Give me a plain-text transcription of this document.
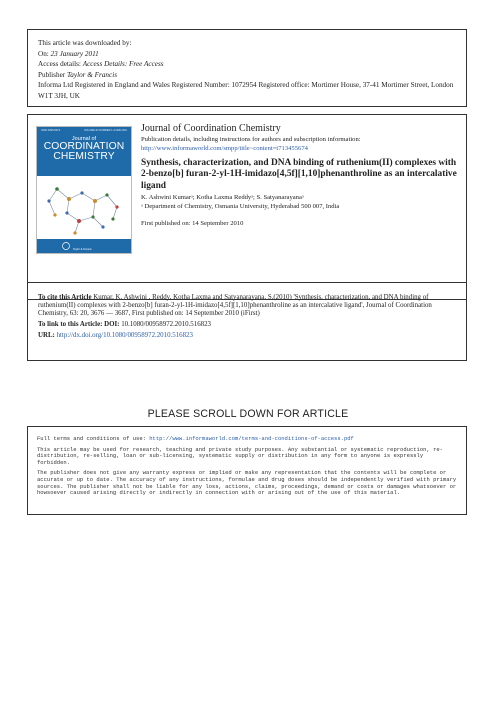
This article was downloaded by:
On: 23 January 2011
Access details: Access Details: Free Access
Publisher Taylor & Francis
Informa Ltd Registered in England and Wales Registered Number: 1072954 Registered office: Mortimer House, 37-41 Mortimer Street, London W1T 3JH, UK
ISSN 0095-8972	VOLUME 64 NUMBER 1-3 FEB 2011
Journal of
COORDINATION
CHEMISTRY
Taylor & Francis
Journal of Coordination Chemistry
Publication details, including instructions for authors and subscription information:
http://www.informaworld.com/smpp/title~content=t713455674
Synthesis, characterization, and DNA binding of ruthenium(II) complexes with 2-benzo[b] furan-2-yl-1H-imidazo[4,5f][1,10]phenanthroline as an intercalative ligand
K. Ashwini Kumarᵃ; Kotha Laxma Reddyᵃ; S. Satyanarayanaᵃ
ᵃ Department of Chemistry, Osmania University, Hyderabad 500 007, India
First published on: 14 September 2010
To cite this Article Kumar, K. Ashwini , Reddy, Kotha Laxma and Satyanarayana, S.(2010) 'Synthesis, characterization, and DNA binding of ruthenium(II) complexes with 2-benzo[b] furan-2-yl-1H-imidazo[4,5f][1,10]phenanthroline as an intercalative ligand', Journal of Coordination Chemistry, 63: 20, 3676 — 3687, First published on: 14 September 2010 (iFirst)
To link to this Article: DOI: 10.1080/00958972.2010.516823
URL: http://dx.doi.org/10.1080/00958972.2010.516823
PLEASE SCROLL DOWN FOR ARTICLE

Full terms and conditions of use: http://www.informaworld.com/terms-and-conditions-of-access.pdf

This article may be used for research, teaching and private study purposes. Any substantial or systematic reproduction, re-distribution, re-selling, loan or sub-licensing, systematic supply or distribution in any form to anyone is expressly forbidden.

The publisher does not give any warranty express or implied or make any representation that the contents will be complete or accurate or up to date. The accuracy of any instructions, formulae and drug doses should be independently verified with primary sources. The publisher shall not be liable for any loss, actions, claims, proceedings, demand or costs or damages whatsoever or howsoever caused arising directly or indirectly in connection with or arising out of the use of this material.
